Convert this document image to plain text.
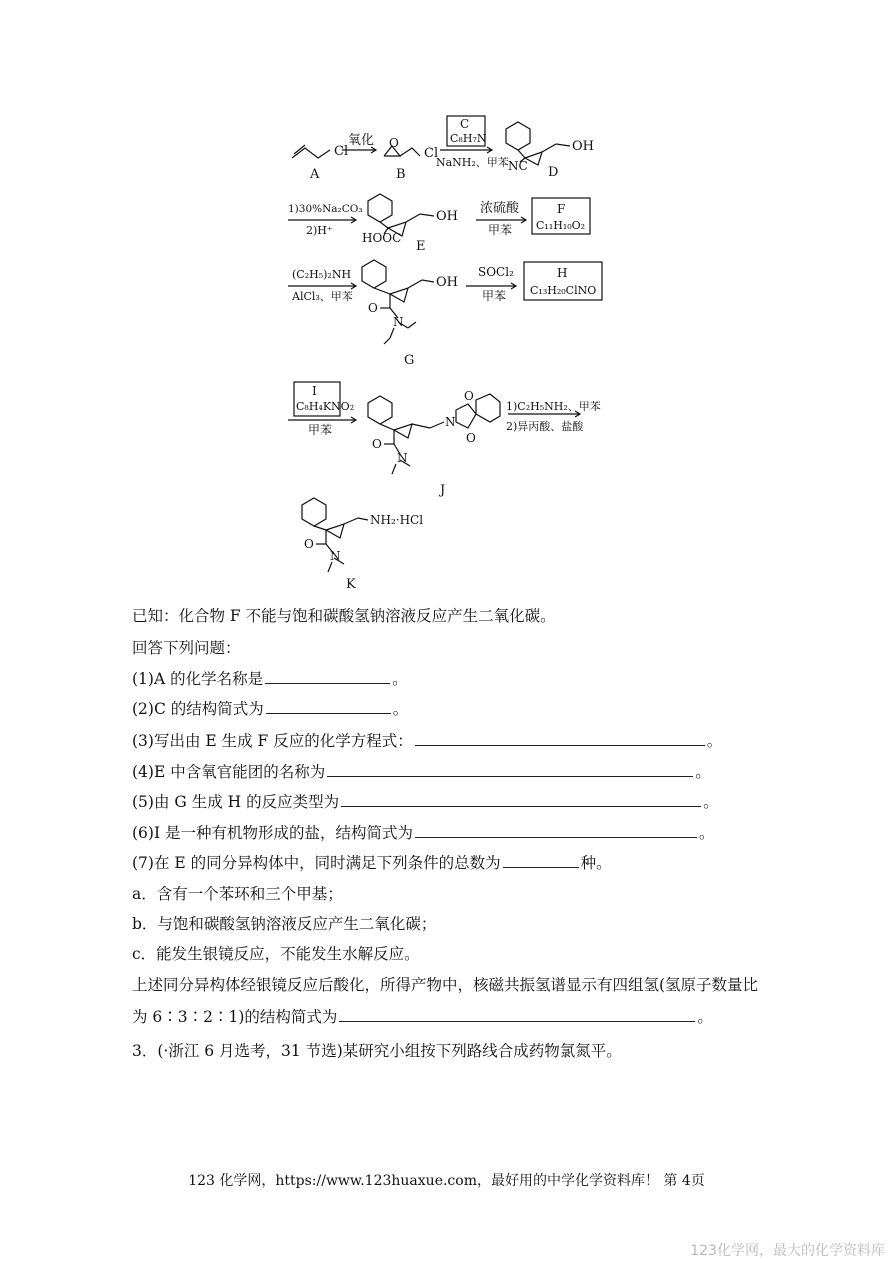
Cl
A
氧化 O
Cl
B
C
C₈H₇N
NaNH₂、甲苯 NC
OH
D
1)30%Na₂CO₃
2)H⁺
HOOC
OH
E
浓硫酸
甲苯
F
C₁₁H₁₀O₂
(C₂H₅)₂NH
AlCl₃、甲苯
OH
O
N
G
SOCl₂
甲苯
H
C₁₃H₂₀ClNO
I
C₈H₄KNO₂
甲苯
O
N
N
O
O
J
1)C₂H₅NH₂、甲苯
2)异丙酸、盐酸
NH₂·HCl
O
N
K
已知：化合物 F 不能与饱和碳酸氢钠溶液反应产生二氧化碳。
回答下列问题：
(1)A 的化学名称是	。
(2)C 的结构简式为	。
(3)写出由 E 生成 F 反应的化学方程式：	。
(4)E 中含氧官能团的名称为	。
(5)由 G 生成 H 的反应类型为	。
(6)I 是一种有机物形成的盐，结构简式为	。
(7)在 E 的同分异构体中，同时满足下列条件的总数为	种。
a．含有一个苯环和三个甲基；
b．与饱和碳酸氢钠溶液反应产生二氧化碳；
c．能发生银镜反应，不能发生水解反应。
上述同分异构体经银镜反应后酸化，所得产物中，核磁共振氢谱显示有四组氢(氢原子数量比
为 6∶3∶2∶1)的结构简式为	。
3．(·浙江 6 月选考，31 节选)某研究小组按下列路线合成药物氯氮平。
123 化学网，https://www.123huaxue.com，最好用的中学化学资料库！ 第 4页
123化学网，最大的化学资料库
